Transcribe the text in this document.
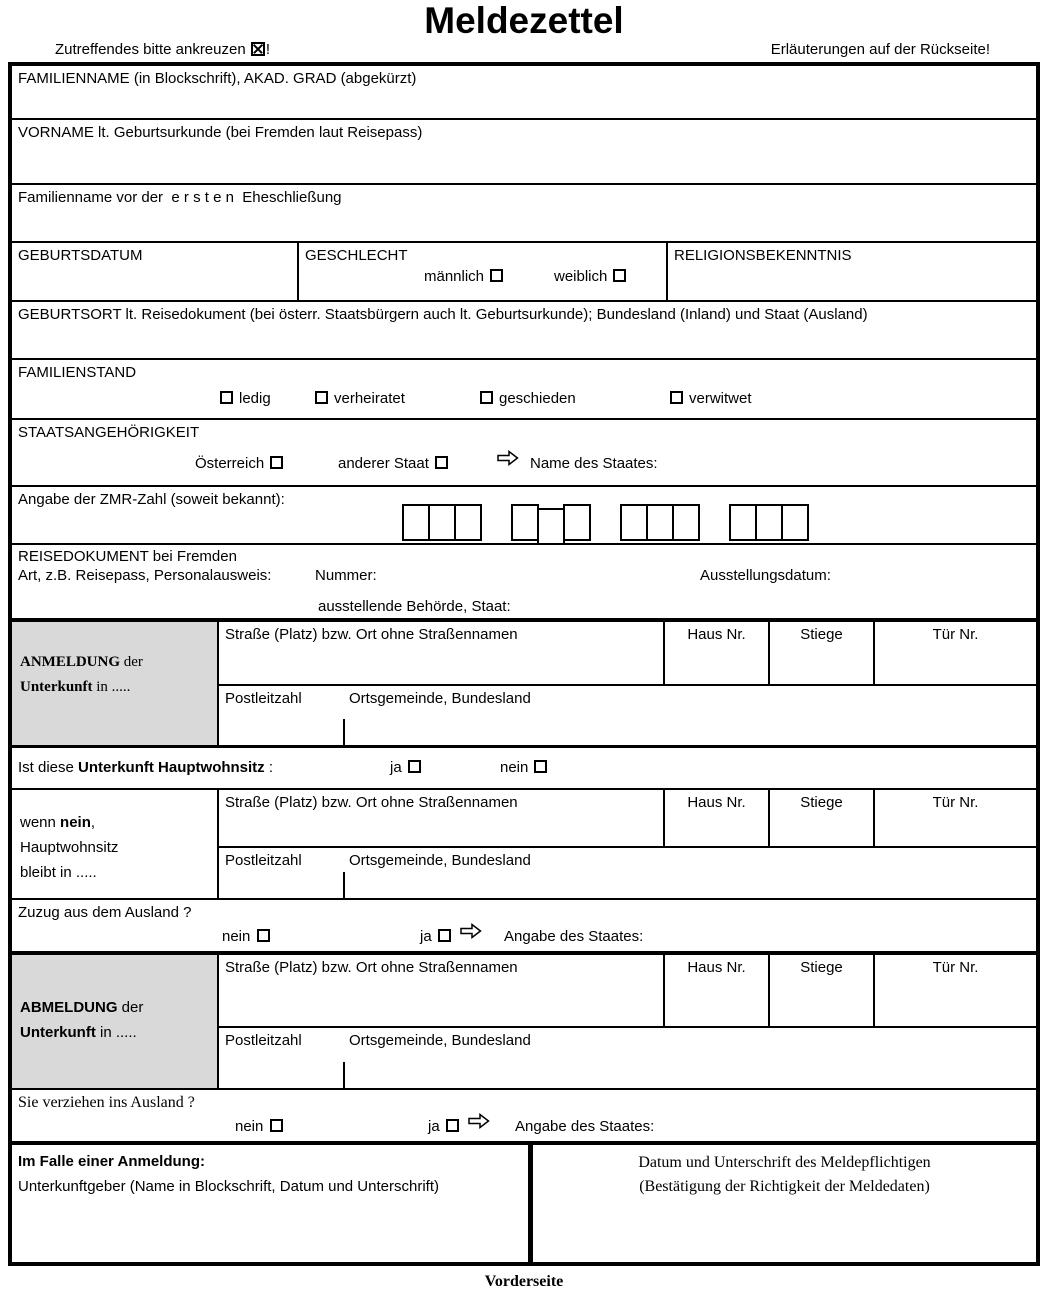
Meldezettel
Zutreffendes bitte ankreuzen !	Erläuterungen auf der Rückseite!
FAMILIENNAME (in Blockschrift), AKAD. GRAD (abgekürzt)
VORNAME lt. Geburtsurkunde (bei Fremden laut Reisepass)
Familienname vor der e r s t e n Eheschließung
GEBURTSDATUM	GESCHLECHT
männlich	weiblich
RELIGIONSBEKENNTNIS
GEBURTSORT lt. Reisedokument (bei österr. Staatsbürgern auch lt. Geburtsurkunde); Bundesland (Inland) und Staat (Ausland)
FAMILIENSTAND
ledig	verheiratet	geschieden	verwitwet
STAATSANGEHÖRIGKEIT
Österreich	anderer Staat	Name des Staates:
Angabe der ZMR-Zahl (soweit bekannt):
REISEDOKUMENT bei Fremden
Art, z.B. Reisepass, Personalausweis:	Nummer:	Ausstellungsdatum:
ausstellende Behörde, Staat:
ANMELDUNG der
Unterkunft in .....
Straße (Platz) bzw. Ort ohne Straßennamen	Haus Nr.	Stiege	Tür Nr.
Postleitzahl	Ortsgemeinde, Bundesland
Ist diese Unterkunft Hauptwohnsitz :	ja	nein
wenn nein,
Hauptwohnsitz
bleibt in .....
Straße (Platz) bzw. Ort ohne Straßennamen	Haus Nr.	Stiege	Tür Nr.
Postleitzahl	Ortsgemeinde, Bundesland
Zuzug aus dem Ausland ?
nein	ja	Angabe des Staates:
ABMELDUNG der
Unterkunft in .....
Straße (Platz) bzw. Ort ohne Straßennamen	Haus Nr.	Stiege	Tür Nr.
Postleitzahl	Ortsgemeinde, Bundesland
Sie verziehen ins Ausland ?
nein	ja	Angabe des Staates:
Im Falle einer Anmeldung:
Unterkunftgeber (Name in Blockschrift, Datum und Unterschrift)
Datum und Unterschrift des Meldepflichtigen
(Bestätigung der Richtigkeit der Meldedaten)
Vorderseite
